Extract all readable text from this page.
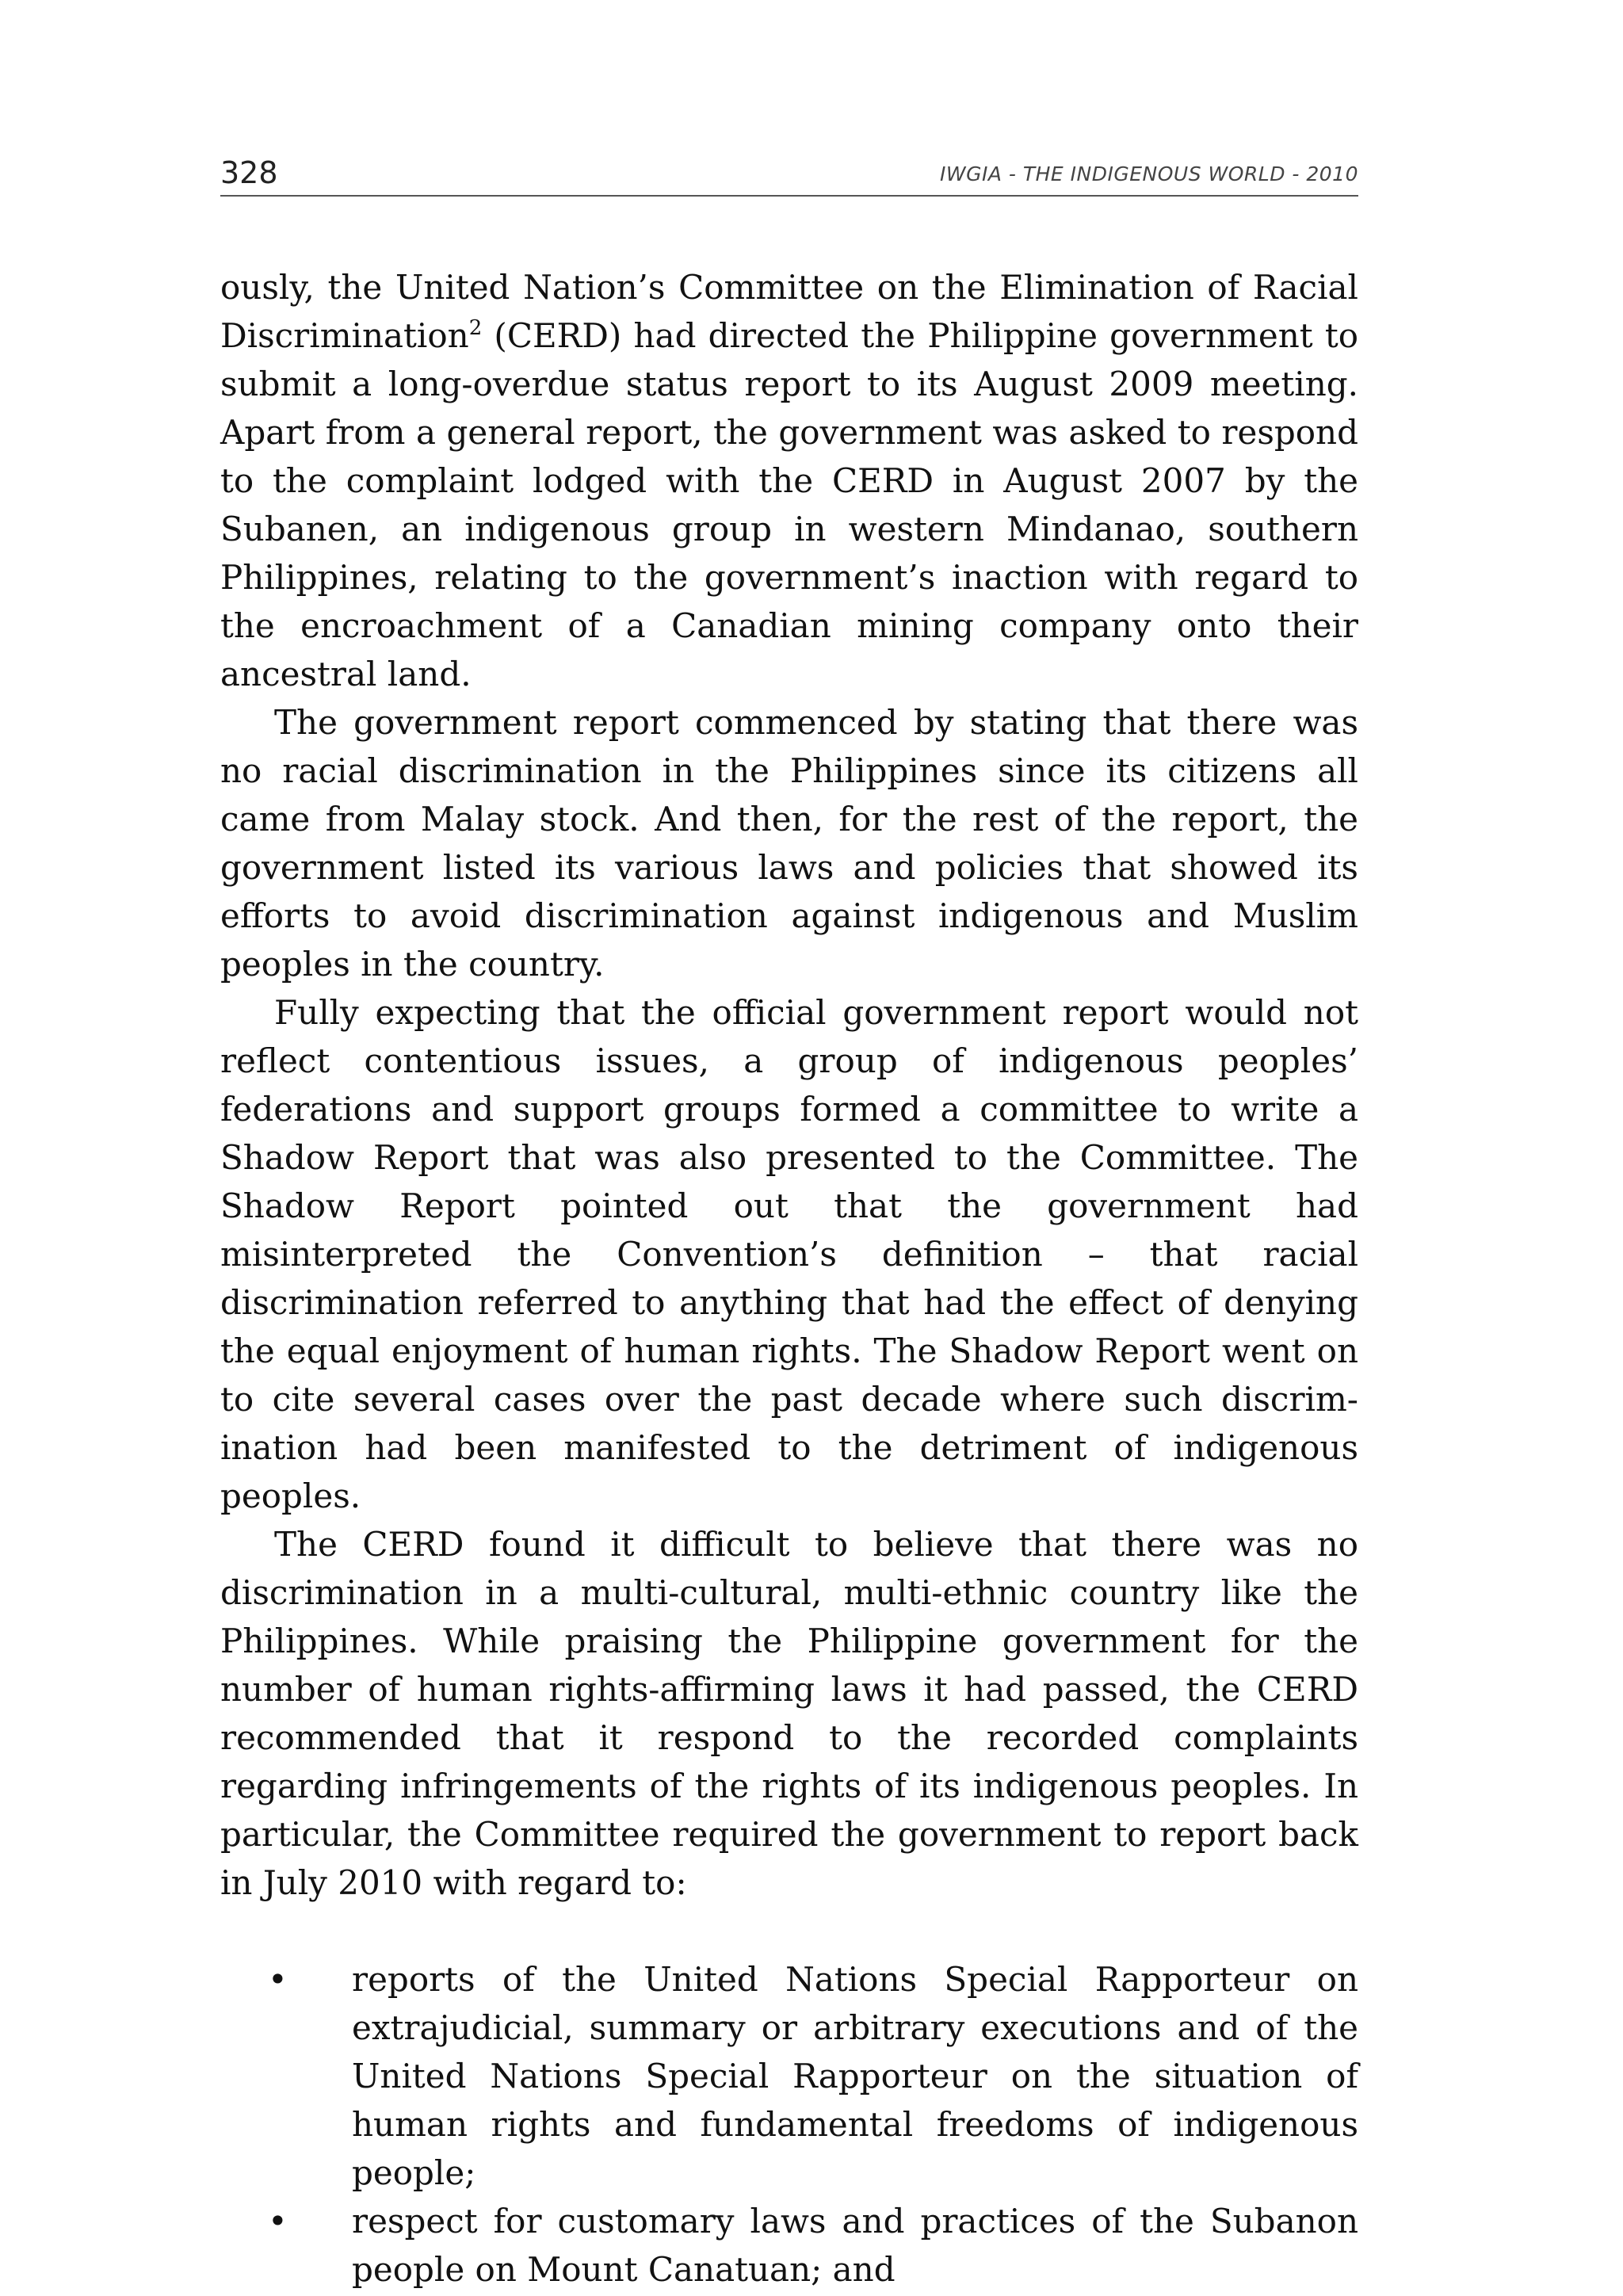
328	IWGIA - THE INDIGENOUS WORLD - 2010

ously, the United Nation’s Committee on the Elimination of Racial Discrimination$^2$ (CERD) had directed the Philippine government to submit a long-overdue status report to its August 2009 meeting. Apart from a general report, the government was asked to respond to the complaint lodged with the CERD in August 2007 by the Subanen, an indigenous group in western Mindanao, southern Philippines, relating to the government’s inaction with regard to the encroachment of a Canadian mining company onto their ancestral land.

The government report commenced by stating that there was no racial discrimination in the Philippines since its citizens all came from Malay stock. And then, for the rest of the report, the government listed its various laws and policies that showed its efforts to avoid discrimination against indigenous and Muslim peoples in the country.

Fully expecting that the official government report would not reflect contentious issues, a group of indigenous peoples’ federations and support groups formed a committee to write a Shadow Report that was also presented to the Committee. The Shadow Report pointed out that the government had misinterpreted the Convention’s definition – that racial discrimination referred to anything that had the effect of denying the equal enjoyment of human rights. The Shadow Report went on to cite several cases over the past decade where such discrimination had been manifested to the detriment of indigenous peoples.

The CERD found it difficult to believe that there was no discrimination in a multi-cultural, multi-ethnic country like the Philippines. While praising the Philippine government for the number of human rights-affirming laws it had passed, the CERD recommended that it respond to the recorded complaints regarding infringements of the rights of its indigenous peoples. In particular, the Committee required the government to report back in July 2010 with regard to:

• reports of the United Nations Special Rapporteur on extrajudicial, summary or arbitrary executions and of the United Nations Special Rapporteur on the situation of human rights and fundamental freedoms of indigenous people;
• respect for customary laws and practices of the Subanon people on Mount Canatuan; and
